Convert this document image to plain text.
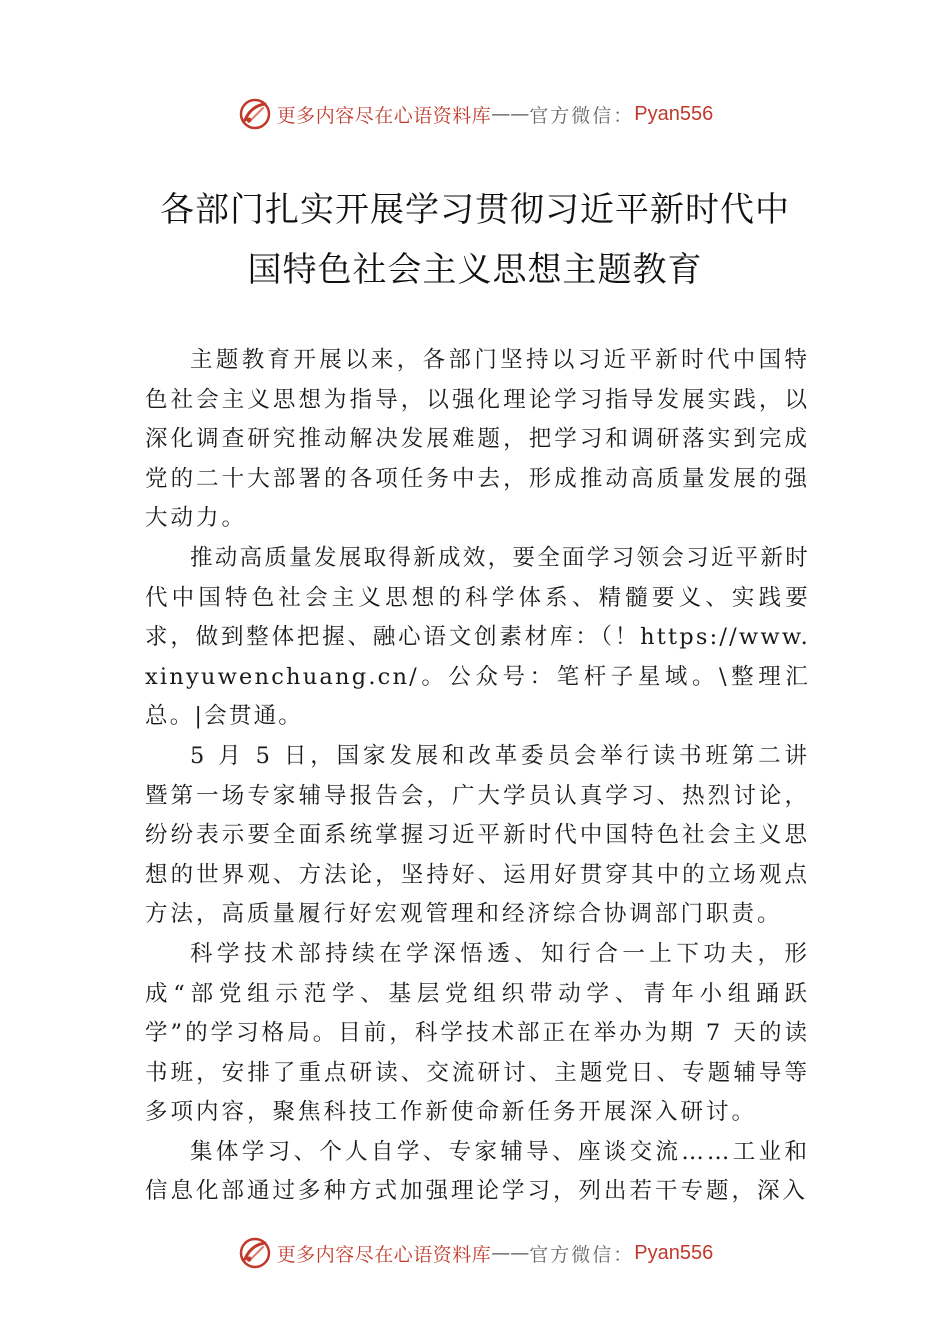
更多内容尽在心语资料库 —— 官方微信： Pyan556
各部门扎实开展学习贯彻习近平新时代中
国特色社会主义思想主题教育

主题教育开展以来，各部门坚持以习近平新时代中国特色社会主义思想为指导，以强化理论学习指导发展实践，以深化调查研究推动解决发展难题，把学习和调研落实到完成党的二十大部署的各项任务中去，形成推动高质量发展的强大动力。

推动高质量发展取得新成效，要全面学习领会习近平新时代中国特色社会主义思想的科学体系、精髓要义、实践要求，做到整体把握、融心语文创素材库：（！https://www.xinyuwenchuang.cn/。公众号：笔杆子星域。\整理汇总。|会贯通。

5 月 5 日，国家发展和改革委员会举行读书班第二讲暨第一场专家辅导报告会，广大学员认真学习、热烈讨论，纷纷表示要全面系统掌握习近平新时代中国特色社会主义思想的世界观、方法论，坚持好、运用好贯穿其中的立场观点方法，高质量履行好宏观管理和经济综合协调部门职责。

科学技术部持续在学深悟透、知行合一上下功夫，形成“部党组示范学、基层党组织带动学、青年小组踊跃学”的学习格局。目前，科学技术部正在举办为期 7 天的读书班，安排了重点研读、交流研讨、主题党日、专题辅导等多项内容，聚焦科技工作新使命新任务开展深入研讨。

集体学习、个人自学、专家辅导、座谈交流……工业和信息化部通过多种方式加强理论学习，列出若干专题，深入

更多内容尽在心语资料库 —— 官方微信： Pyan556
